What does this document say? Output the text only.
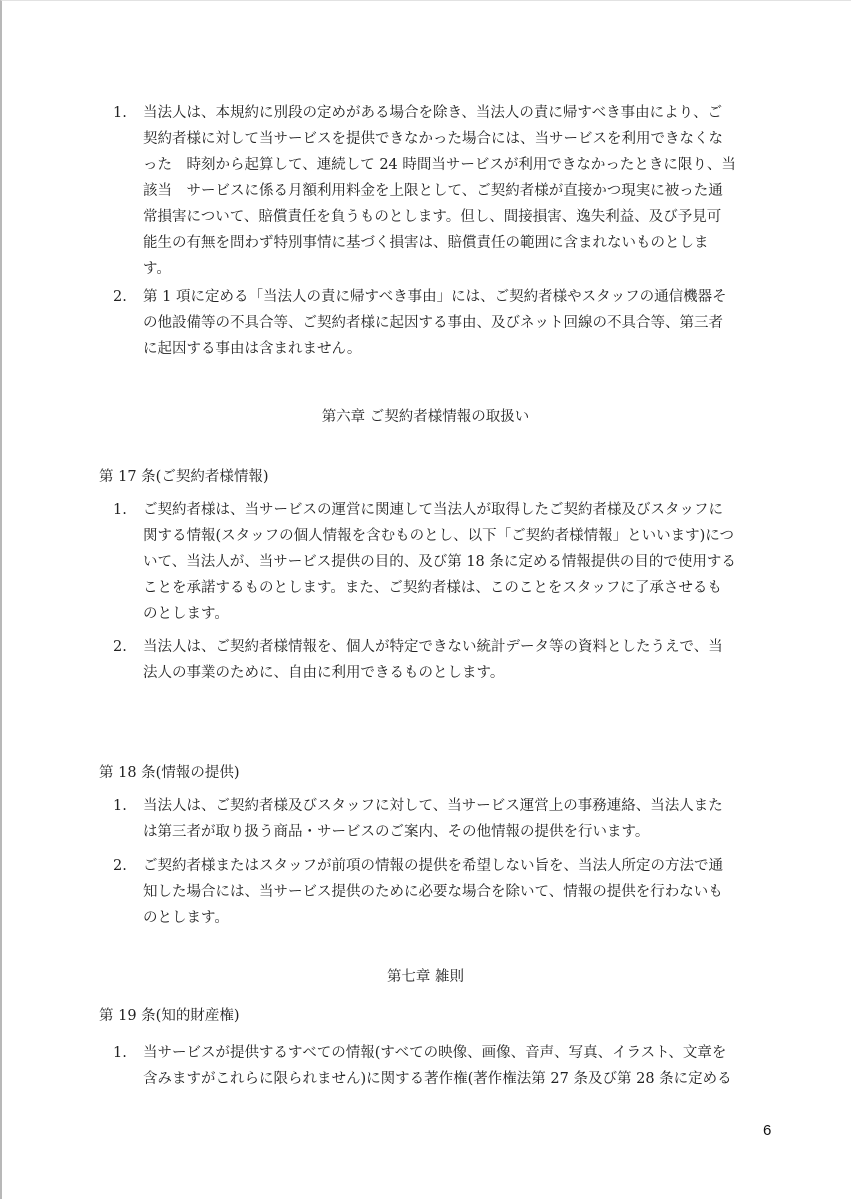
1.	当法人は、本規約に別段の定めがある場合を除き、当法人の責に帰すべき事由により、ご
契約者様に対して当サービスを提供できなかった場合には、当サービスを利用できなくな
った　時刻から起算して、連続して 24 時間当サービスが利用できなかったときに限り、当
該当　サービスに係る月額利用料金を上限として、ご契約者様が直接かつ現実に被った通
常損害について、賠償責任を負うものとします。但し、間接損害、逸失利益、及び予見可
能生の有無を問わず特別事情に基づく損害は、賠償責任の範囲に含まれないものとしま
す。
2.	第 1 項に定める「当法人の責に帰すべき事由」には、ご契約者様やスタッフの通信機器そ
の他設備等の不具合等、ご契約者様に起因する事由、及びネット回線の不具合等、第三者
に起因する事由は含まれません。
第六章 ご契約者様情報の取扱い
第 17 条(ご契約者様情報)
1.	ご契約者様は、当サービスの運営に関連して当法人が取得したご契約者様及びスタッフに
関する情報(スタッフの個人情報を含むものとし、以下「ご契約者様情報」といいます)につ
いて、当法人が、当サービス提供の目的、及び第 18 条に定める情報提供の目的で使用する
ことを承諾するものとします。また、ご契約者様は、このことをスタッフに了承させるも
のとします。
2.	当法人は、ご契約者様情報を、個人が特定できない統計データ等の資料としたうえで、当
法人の事業のために、自由に利用できるものとします。
第 18 条(情報の提供)
1.	当法人は、ご契約者様及びスタッフに対して、当サービス運営上の事務連絡、当法人また
は第三者が取り扱う商品・サービスのご案内、その他情報の提供を行います。
2.	ご契約者様またはスタッフが前項の情報の提供を希望しない旨を、当法人所定の方法で通
知した場合には、当サービス提供のために必要な場合を除いて、情報の提供を行わないも
のとします。
第七章 雑則
第 19 条(知的財産権)
1.	当サービスが提供するすべての情報(すべての映像、画像、音声、写真、イラスト、文章を
含みますがこれらに限られません)に関する著作権(著作権法第 27 条及び第 28 条に定める
6
